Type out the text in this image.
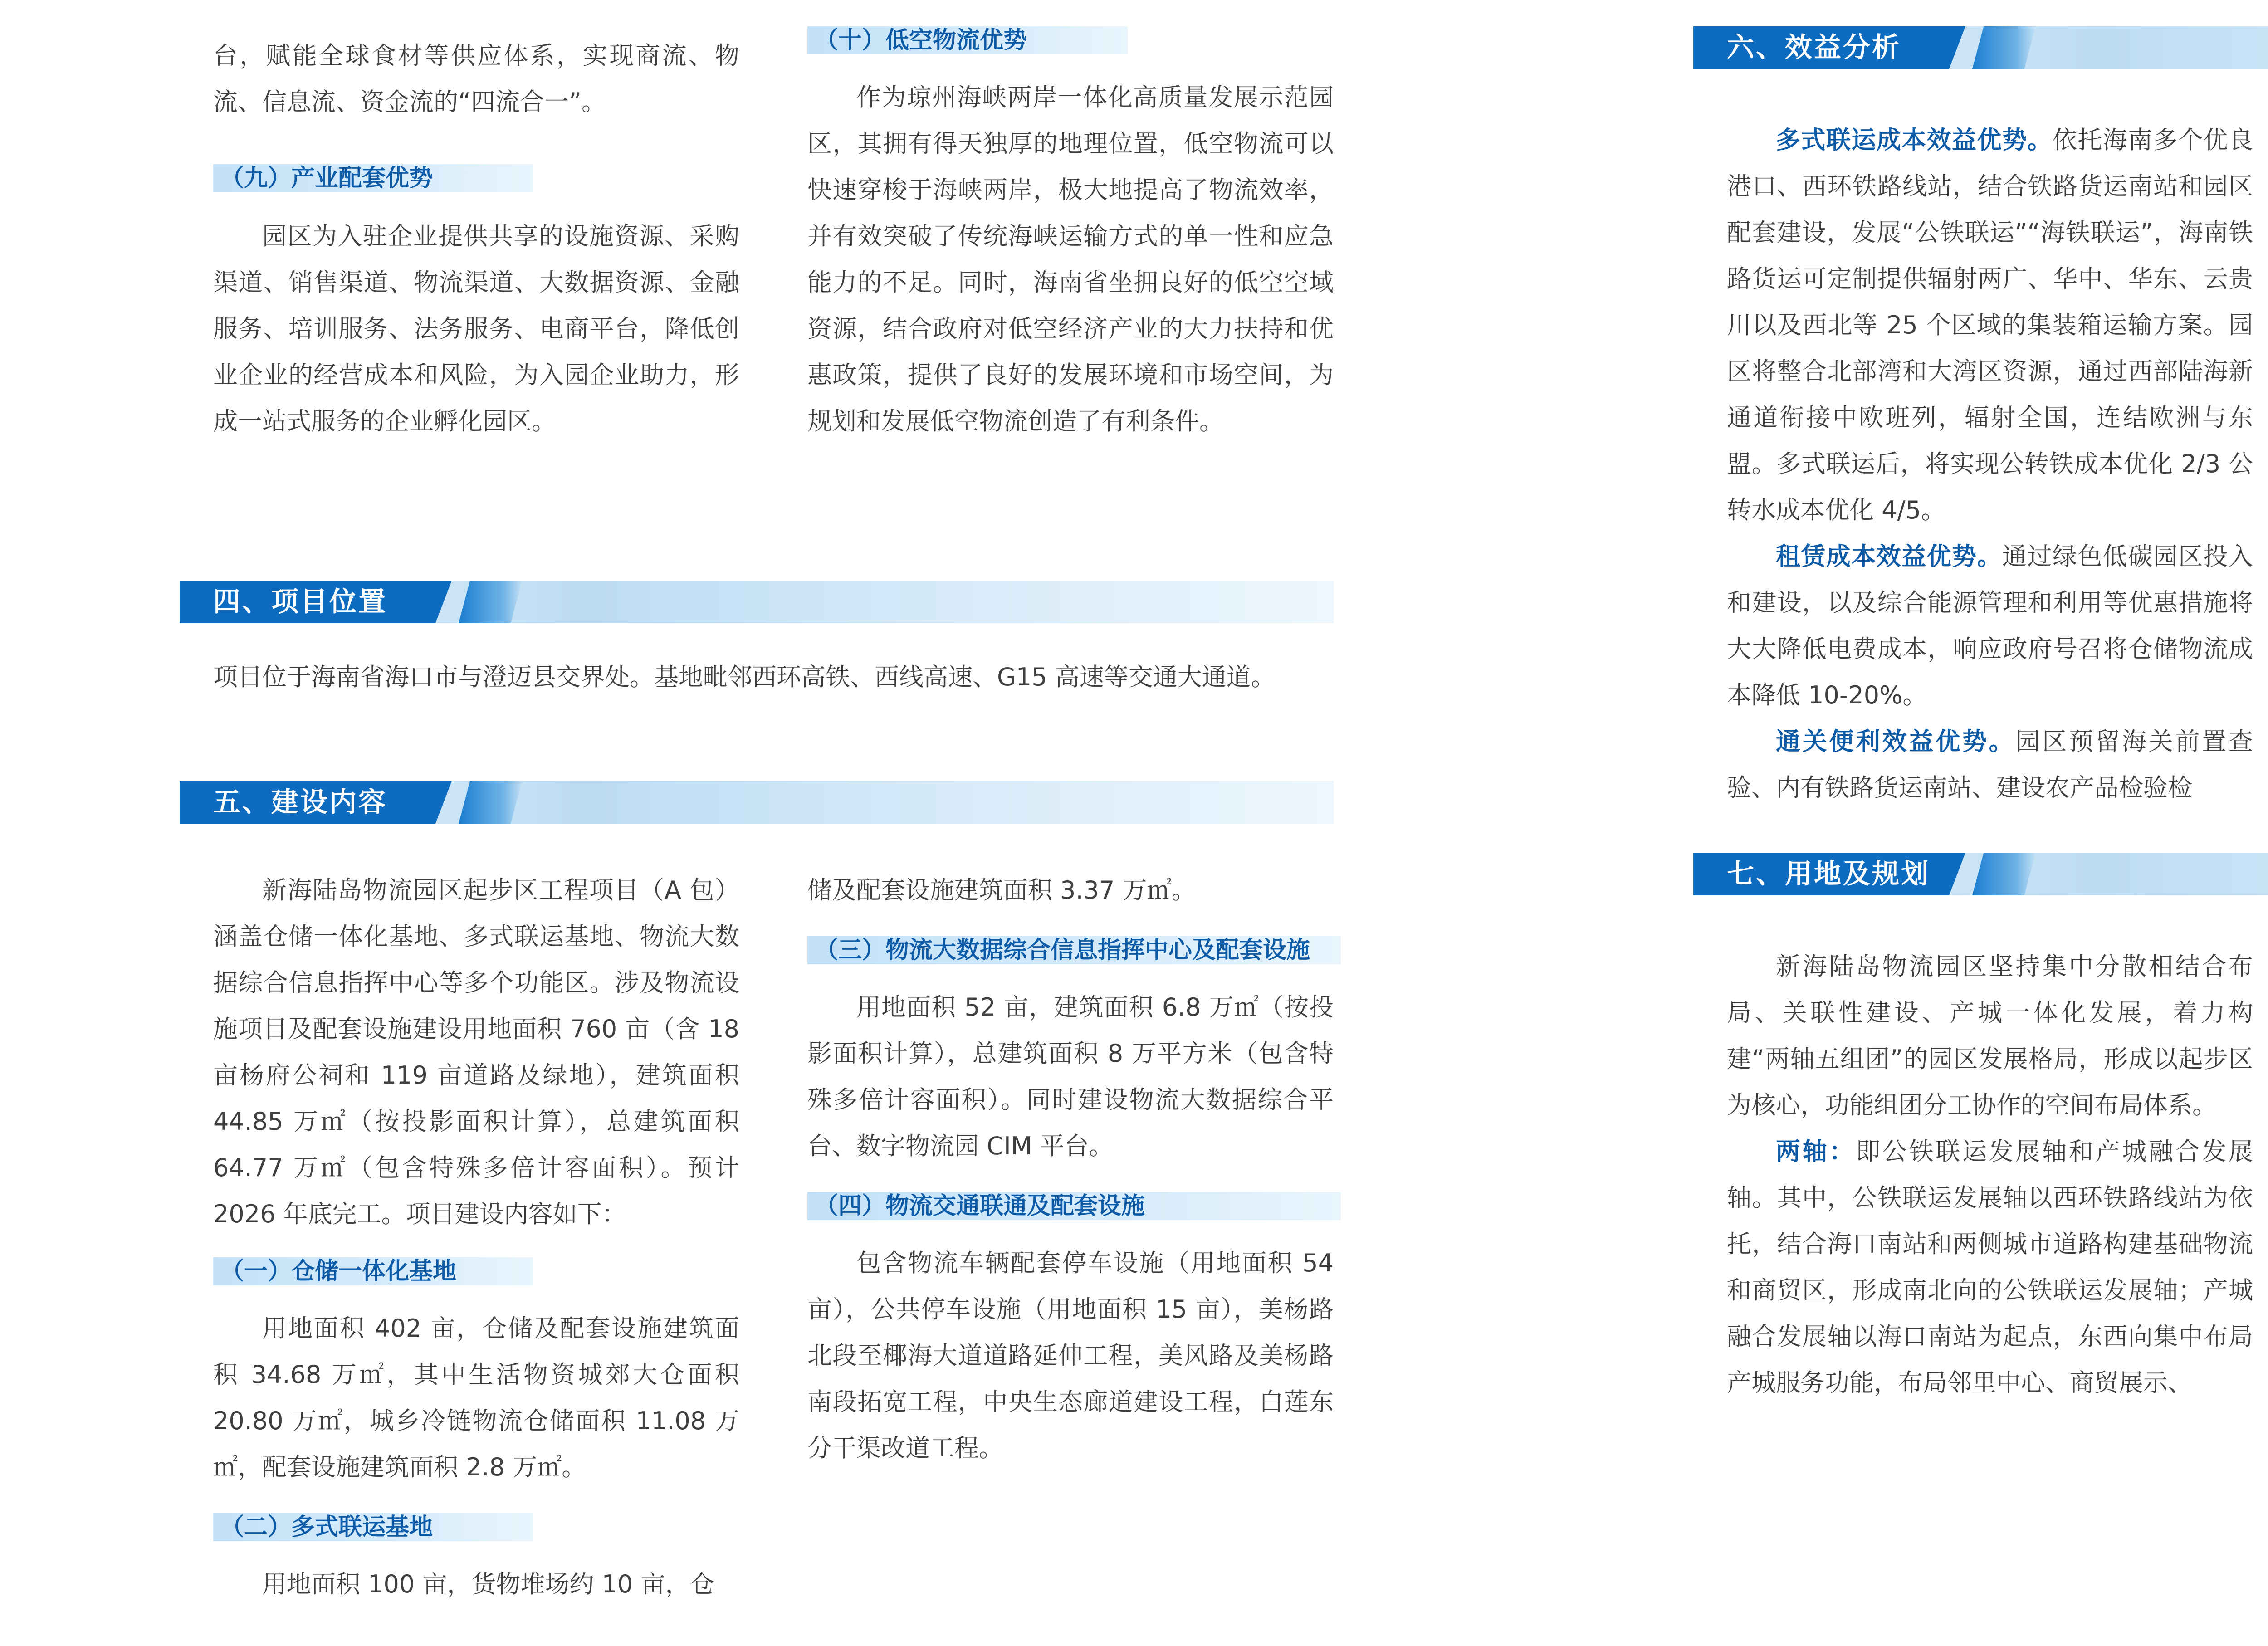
台，赋能全球食材等供应体系，实现商流、物流、信息流、资金流的“四流合一”。

（九）产业配套优势

园区为入驻企业提供共享的设施资源、采购渠道、销售渠道、物流渠道、大数据资源、金融服务、培训服务、法务服务、电商平台，降低创业企业的经营成本和风险，为入园企业助力，形成一站式服务的企业孵化园区。

（十）低空物流优势

作为琼州海峡两岸一体化高质量发展示范园区，其拥有得天独厚的地理位置，低空物流可以快速穿梭于海峡两岸，极大地提高了物流效率，并有效突破了传统海峡运输方式的单一性和应急能力的不足。同时，海南省坐拥良好的低空空域资源，结合政府对低空经济产业的大力扶持和优惠政策，提供了良好的发展环境和市场空间，为规划和发展低空物流创造了有利条件。

四、项目位置

项目位于海南省海口市与澄迈县交界处。基地毗邻西环高铁、西线高速、G15 高速等交通大通道。

五、建设内容

新海陆岛物流园区起步区工程项目（A 包）涵盖仓储一体化基地、多式联运基地、物流大数据综合信息指挥中心等多个功能区。涉及物流设施项目及配套设施建设用地面积 760 亩（含 18 亩杨府公祠和 119 亩道路及绿地），建筑面积 44.85 万㎡（按投影面积计算），总建筑面积 64.77 万㎡（包含特殊多倍计容面积）。预计 2026 年底完工。项目建设内容如下：

（一）仓储一体化基地

用地面积 402 亩，仓储及配套设施建筑面积 34.68 万㎡，其中生活物资城郊大仓面积 20.80 万㎡，城乡冷链物流仓储面积 11.08 万㎡，配套设施建筑面积 2.8 万㎡。

（二）多式联运基地

用地面积 100 亩，货物堆场约 10 亩，仓

储及配套设施建筑面积 3.37 万㎡。

（三）物流大数据综合信息指挥中心及配套设施

用地面积 52 亩，建筑面积 6.8 万㎡（按投影面积计算），总建筑面积 8 万平方米（包含特殊多倍计容面积）。同时建设物流大数据综合平台、数字物流园 CIM 平台。

（四）物流交通联通及配套设施

包含物流车辆配套停车设施（用地面积 54 亩），公共停车设施（用地面积 15 亩），美杨路北段至椰海大道道路延伸工程，美风路及美杨路南段拓宽工程，中央生态廊道建设工程，白莲东分干渠改道工程。

六、效益分析

多式联运成本效益优势。依托海南多个优良港口、西环铁路线站，结合铁路货运南站和园区配套建设，发展“公铁联运”“海铁联运”，海南铁路货运可定制提供辐射两广、华中、华东、云贵川以及西北等 25 个区域的集装箱运输方案。园区将整合北部湾和大湾区资源，通过西部陆海新通道衔接中欧班列，辐射全国，连结欧洲与东盟。多式联运后，将实现公转铁成本优化 2/3 公转水成本优化 4/5。

租赁成本效益优势。通过绿色低碳园区投入和建设，以及综合能源管理和利用等优惠措施将大大降低电费成本，响应政府号召将仓储物流成本降低 10-20%。

通关便利效益优势。园区预留海关前置查验、内有铁路货运南站、建设农产品检验检

七、用地及规划

新海陆岛物流园区坚持集中分散相结合布局、关联性建设、产城一体化发展，着力构建“两轴五组团”的园区发展格局，形成以起步区为核心，功能组团分工协作的空间布局体系。

两轴：即公铁联运发展轴和产城融合发展轴。其中，公铁联运发展轴以西环铁路线站为依托，结合海口南站和两侧城市道路构建基础物流和商贸区，形成南北向的公铁联运发展轴；产城融合发展轴以海口南站为起点，东西向集中布局产城服务功能，布局邻里中心、商贸展示、
